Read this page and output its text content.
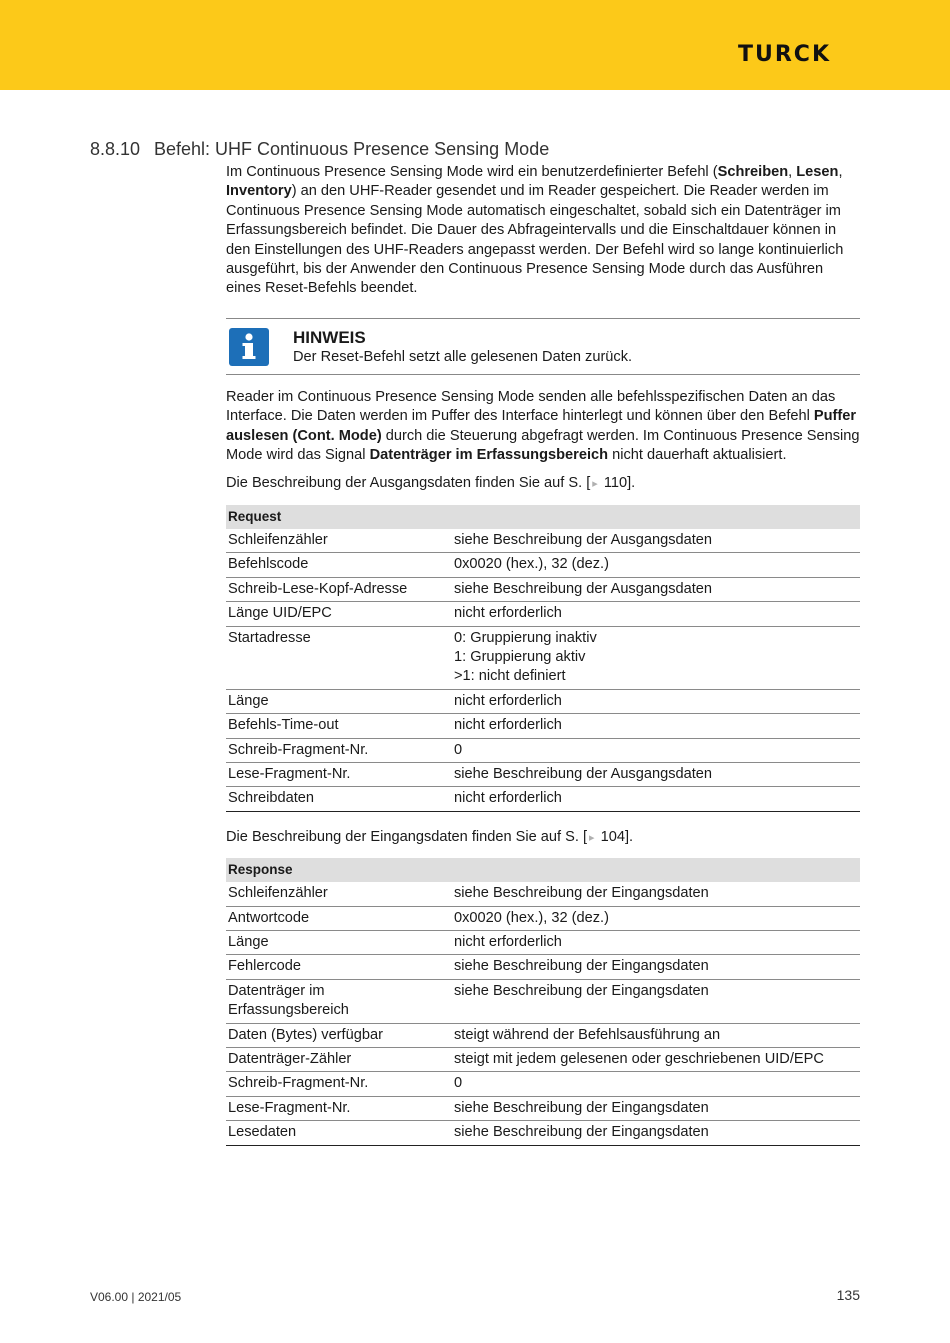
TURCK
8.8.10 Befehl: UHF Continuous Presence Sensing Mode

Im Continuous Presence Sensing Mode wird ein benutzerdefinierter Befehl (Schreiben, Lesen, Inventory) an den UHF-Reader gesendet und im Reader gespeichert. Die Reader werden im Continuous Presence Sensing Mode automatisch eingeschaltet, sobald sich ein Datenträger im Erfassungsbereich befindet. Die Dauer des Abfrageintervalls und die Einschaltdauer können in den Einstellungen des UHF-Readers angepasst werden. Der Befehl wird so lange kontinuierlich ausgeführt, bis der Anwender den Continuous Presence Sensing Mode durch das Ausführen eines Reset-Befehls beendet.

HINWEIS
Der Reset-Befehl setzt alle gelesenen Daten zurück.

Reader im Continuous Presence Sensing Mode senden alle befehlsspezifischen Daten an das Interface. Die Daten werden im Puffer des Interface hinterlegt und können über den Befehl Puffer auslesen (Cont. Mode) durch die Steuerung abgefragt werden. Im Continuous Presence Sensing Mode wird das Signal Datenträger im Erfassungsbereich nicht dauerhaft aktualisiert.

Die Beschreibung der Ausgangsdaten finden Sie auf S. [ ▸ 110].

Request	
Schleifenzähler	siehe Beschreibung der Ausgangsdaten
Befehlscode	0x0020 (hex.), 32 (dez.)
Schreib-Lese-Kopf-Adresse	siehe Beschreibung der Ausgangsdaten
Länge UID/EPC	nicht erforderlich
Startadresse	0: Gruppierung inaktiv
1: Gruppierung aktiv
>1: nicht definiert

Länge	nicht erforderlich
Befehls-Time-out	nicht erforderlich
Schreib-Fragment-Nr.	0
Lese-Fragment-Nr.	siehe Beschreibung der Ausgangsdaten
Schreibdaten	nicht erforderlich

Die Beschreibung der Eingangsdaten finden Sie auf S. [ ▸ 104].

Response	
Schleifenzähler	siehe Beschreibung der Eingangsdaten
Antwortcode	0x0020 (hex.), 32 (dez.)
Länge	nicht erforderlich
Fehlercode	siehe Beschreibung der Eingangsdaten

Datenträger im
Erfassungsbereich	siehe Beschreibung der Eingangsdaten
Daten (Bytes) verfügbar	steigt während der Befehlsausführung an
Datenträger-Zähler	steigt mit jedem gelesenen oder geschriebenen UID/EPC
Schreib-Fragment-Nr.	0
Lese-Fragment-Nr.	siehe Beschreibung der Eingangsdaten
Lesedaten	siehe Beschreibung der Eingangsdaten
V06.00 | 2021/05	135
